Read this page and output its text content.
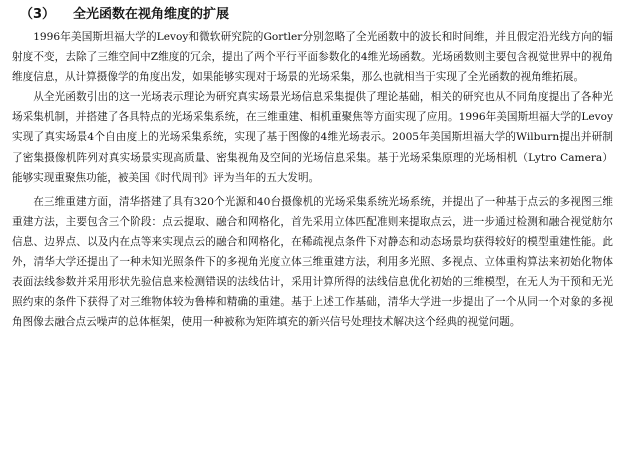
（3） 全光函数在视角维度的扩展

1996年美国斯坦福大学的Levoy和微软研究院的Gortler分别忽略了全光函数中的波长和时间维，并且假定沿光线方向的辐射度不变，去除了三维空间中Z维度的冗余，提出了两个平行平面参数化的4维光场函数。光场函数则主要包含视觉世界中的视角维度信息，从计算摄像学的角度出发，如果能够实现对于场景的光场采集，那么也就相当于实现了全光函数的视角维拓展。

从全光函数引出的这一光场表示理论为研究真实场景光场信息采集提供了理论基础，相关的研究也从不同角度提出了各种光场采集机制，并搭建了各具特点的光场采集系统，在三维重建、相机重聚焦等方面实现了应用。1996年美国斯坦福大学的Levoy实现了真实场景4个自由度上的光场采集系统，实现了基于图像的4维光场表示。2005年美国斯坦福大学的Wilburn提出并研制了密集摄像机阵列对真实场景实现高质量、密集视角及空间的光场信息采集。基于光场采集原理的光场相机（Lytro Camera）能够实现重聚焦功能，被美国《时代周刊》评为当年的五大发明。

在三维重建方面，清华搭建了具有320个光源和40台摄像机的光场采集系统光场系统，并提出了一种基于点云的多视图三维重建方法，主要包含三个阶段：点云提取、融合和网格化，首先采用立体匹配准则来提取点云，进一步通过检测和融合视觉舫尔信息、边界点、以及内在点等来实现点云的融合和网格化，在稀疏视点条件下对静态和动态场景均获得较好的模型重建性能。此外，清华大学还提出了一种未知光照条件下的多视角光度立体三维重建方法，利用多光照、多视点、立体重构算法来初始化物体表面法线参数并采用形状先验信息来检测错误的法线估计，采用计算所得的法线信息优化初始的三维模型，在无人为干预和无光照约束的条件下获得了对三维物体较为鲁棒和精确的重建。基于上述工作基础，清华大学进一步提出了一个从同一个对象的多视角图像去融合点云噪声的总体框架，使用一种被称为矩阵填充的新兴信号处理技术解决这个经典的视觉问题。
